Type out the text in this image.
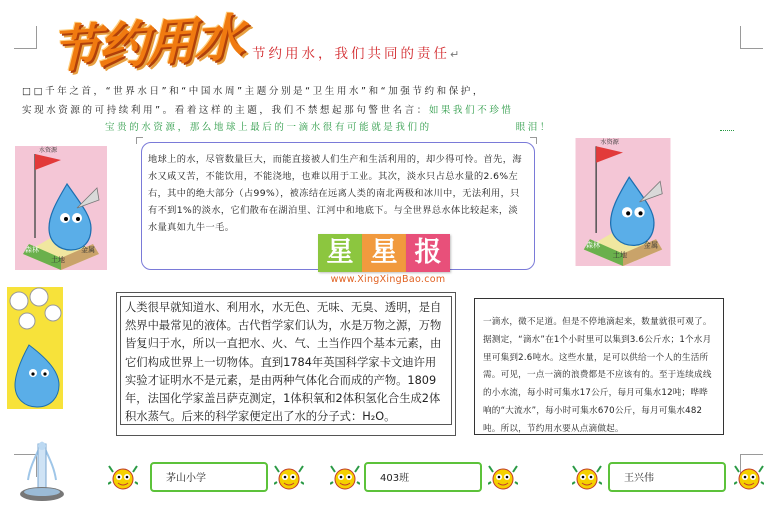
节约用水 节约用水，我们共同的责任↵
□□千年之首，“世界水日”和“中国水周”主题分别是“卫生用水”和“加强节约和保护，
实现水资源的可持续利用”。看着这样的主题，我们不禁想起那句警世名言：如果我们不珍惜
宝贵的水资源，那么地球上最后的一滴水很有可能就是我们的	眼泪！
水资源
森林	金属
土地
水资源
森林	金属
土地
地球上的水，尽管数量巨大，而能直接被人们生产和生活利用的，却少得可怜。首先，海水又咸又苦，不能饮用，不能浇地，也难以用于工业。其次，淡水只占总水量的2.6%左右，其中的绝大部分（占99%），被冻结在远离人类的南北两极和冰川中，无法利用，只有不到1%的淡水，它们散布在湖泊里、江河中和地底下。与全世界总水体比较起来，淡水量真如九牛一毛。
星 星 报
www.XingXingBao.com
人类很早就知道水、利用水，水无色、无味、无臭、透明，是自然界中最常见的液体。古代哲学家们认为，水是万物之源，万物皆复归于水，所以一直把水、火、气、土当作四个基本元素，由它们构成世界上一切物体。直到1784年英国科学家卡文迪许用实验才证明水不是元素，是由两种气体化合而成的产物。1809年，法国化学家盖吕萨克测定，1体积氧和2体积氢化合生成2体积水蒸气。后来的科学家便定出了水的分子式：H₂O。
一滴水，微不足道。但是不停地滴起来，数量就很可观了。据测定，“滴水”在1个小时里可以集到3.6公斤水；1个水月里可集到2.6吨水。这些水量，足可以供给一个人的生活所需。可见，一点一滴的浪费都是不应该有的。至于连续成线的小水流，每小时可集水17公斤，每月可集水12吨；哗哗响的“大流水”，每小时可集水670公斤，每月可集水482吨。所以，节约用水要从点滴做起。
茅山小学	403班	王兴伟
